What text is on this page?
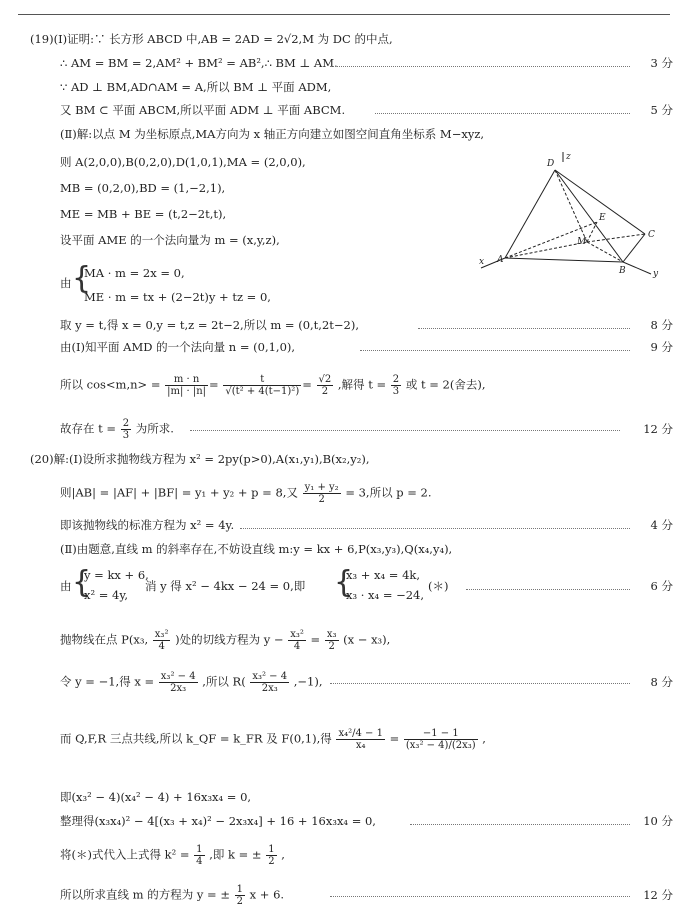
(19)(Ⅰ)证明:∵ 长方形 ABCD 中,AB = 2AD = 2√2,M 为 DC 的中点,
∴ AM = BM = 2,AM² + BM² = AB²,∴ BM ⊥ AM.	3 分
∵ AD ⊥ BM,AD∩AM = A,所以 BM ⊥ 平面 ADM,
又 BM ⊂ 平面 ABCM,所以平面 ADM ⊥ 平面 ABCM.	5 分
(Ⅱ)解:以点 M 为坐标原点,MA方向为 x 轴正方向建立如图空间直角坐标系 M−xyz,
则 A(2,0,0),B(0,2,0),D(1,0,1),MA = (2,0,0),
MB = (0,2,0),BD = (1,−2,1),
ME = MB + BE = (t,2−2t,t),
设平面 AME 的一个法向量为 m = (x,y,z),
由 {
MA · m = 2x = 0,
ME · m = tx + (2−2t)y + tz = 0,
取 y = t,得 x = 0,y = t,z = 2t−2,所以 m = (0,t,2t−2),	8 分
由(Ⅰ)知平面 AMD 的一个法向量 n = (0,1,0),	9 分
所以 $\cos<m,n> = \frac{m \cdot n}{|m| \cdot |n|} = \frac{t}{\text{√(t² + 4(t−1)²)}} = \frac{√2}{2}$ ,解得 $t = \frac{2}{3}$ 或 t = 2(舍去),
故存在 $t = \frac{2}{3}$ 为所求.	12 分
D
z
E
M
C
A
B
x
y
(20)解:(Ⅰ)设所求抛物线方程为 x² = 2py(p>0),A(x₁,y₁),B(x₂,y₂),
则|AB| = |AF| + |BF| = y₁ + y₂ + p = 8,又 $\frac{\text{y₁ + y₂}}{2} = 3$,所以 p = 2.
即该抛物线的标准方程为 x² = 4y.	4 分
(Ⅱ)由题意,直线 m 的斜率存在,不妨设直线 m:y = kx + 6,P(x₃,y₃),Q(x₄,y₄),
由 {
y = kx + 6,
x² = 4y,
消 y 得 x² − 4kx − 24 = 0,即 {
x₃ + x₄ = 4k,
x₃ · x₄ = −24,
(＊)	6 分
抛物线在点 P(x₃, $\frac{\text{x₃²}}{4}$ )处的切线方程为 $y - \frac{\text{x₃²}}{4} = \frac{\text{x₃}}{2} (x - x_3)$,
令 y = −1,得 $x = \frac{\text{x₃² − 4}}{\text{2x₃}}$ ,所以 $R( \frac{\text{x₃² − 4}}{\text{2x₃}} ,-1)$,	8 分
而 Q,F,R 三点共线,所以 k_QF = k_FR 及 F(0,1),得 $\frac{\text{x₄²/4 − 1}}{\text{x₄}} = \frac{-1 - 1}{\text{(x₃² − 4)/(2x₃)}}$ ,
即(x₃² − 4)(x₄² − 4) + 16x₃x₄ = 0,
整理得(x₃x₄)² − 4[(x₃ + x₄)² − 2x₃x₄] + 16 + 16x₃x₄ = 0,	10 分
将(＊)式代入上式得 $k^2 = \frac{1}{4}$ ,即 k = ± $\frac{1}{2}$ ,
所以所求直线 m 的方程为 y = ± $\frac{1}{2}$ x + 6.	12 分
